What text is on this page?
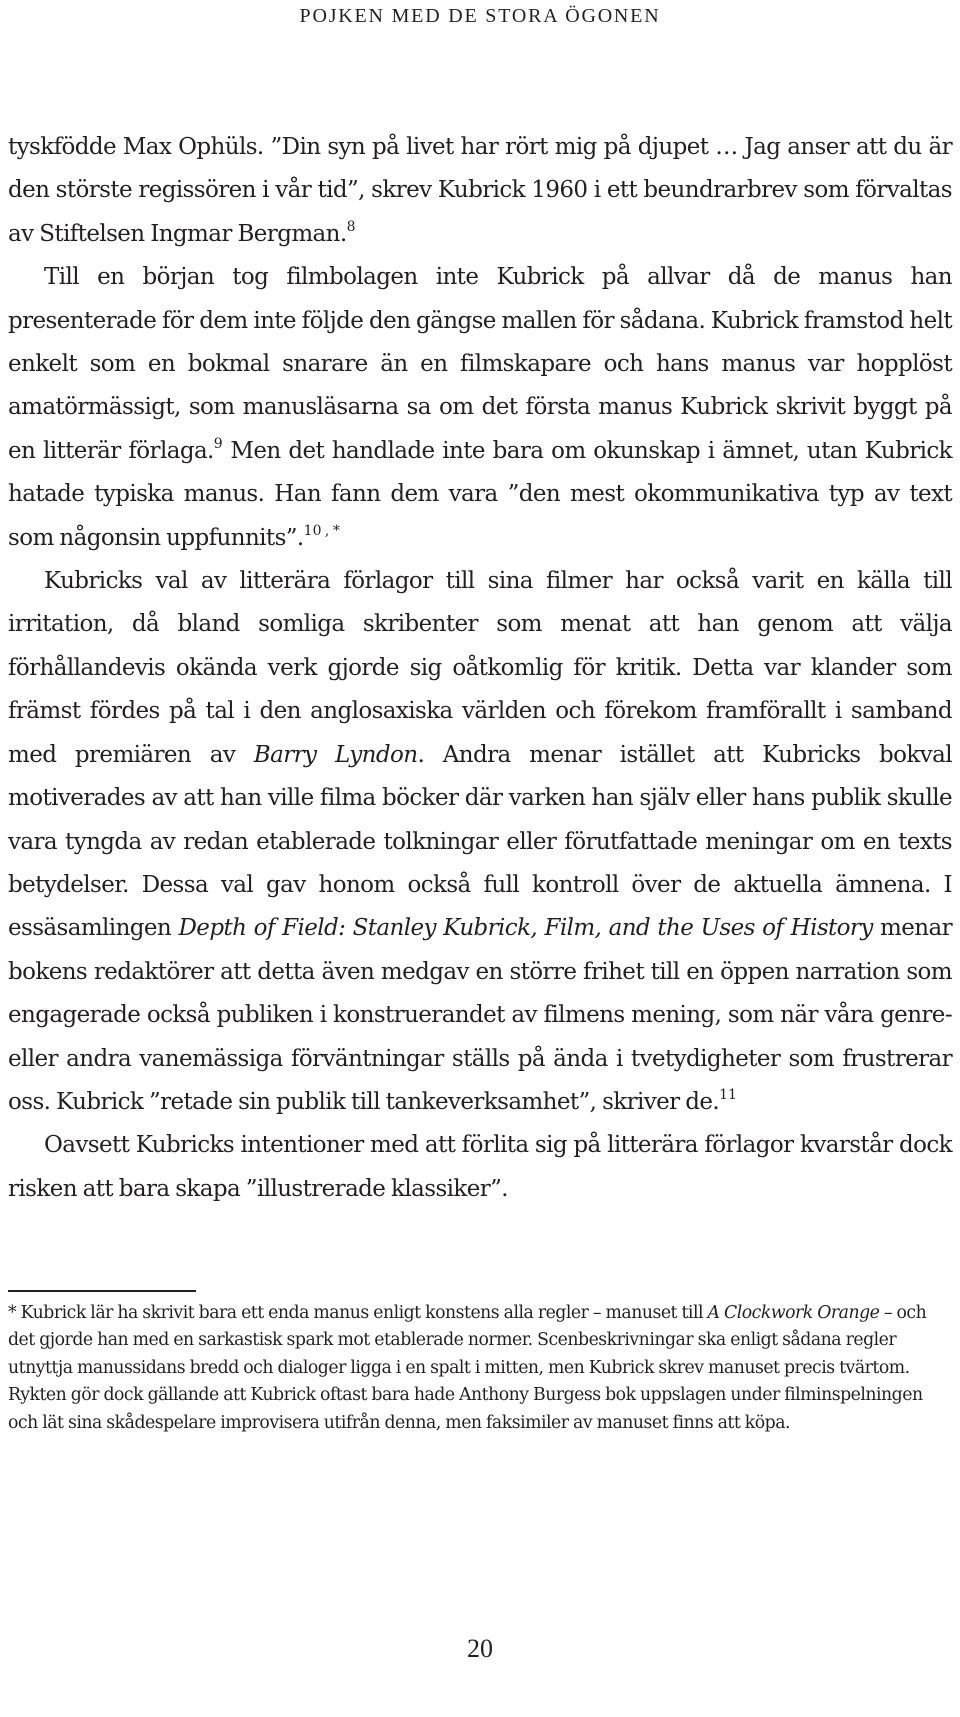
POJKEN MED DE STORA ÖGONEN

tyskfödde Max Ophüls. ”Din syn på livet har rört mig på djupet … Jag anser att du är den störste regissören i vår tid”, skrev Kubrick 1960 i ett beundrarbrev som förvaltas av Stiftelsen Ingmar Bergman.$^8$

Till en början tog filmbolagen inte Kubrick på allvar då de manus han presenterade för dem inte följde den gängse mallen för sådana. Kubrick framstod helt enkelt som en bokmal snarare än en filmskapare och hans manus var hopplöst amatörmässigt, som manusläsarna sa om det första manus Kubrick skrivit byggt på en litterär förlaga.$^9$ Men det handlade inte bara om okunskap i ämnet, utan Kubrick hatade typiska manus. Han fann dem vara ”den mest okommunikativa typ av text som någonsin uppfunnits”.$^{10 , *}$

Kubricks val av litterära förlagor till sina filmer har också varit en källa till irritation, då bland somliga skribenter som menat att han genom att välja förhållandevis okända verk gjorde sig oåtkomlig för kritik. Detta var klander som främst fördes på tal i den anglosaxiska världen och förekom framförallt i samband med premiären av Barry Lyndon. Andra menar istället att Kubricks bokval motiverades av att han ville filma böcker där varken han själv eller hans publik skulle vara tyngda av redan etablerade tolkningar eller förutfattade meningar om en texts betydelser. Dessa val gav honom också full kontroll över de aktuella ämnena. I essäsamlingen Depth of Field: Stanley Kubrick, Film, and the Uses of History menar bokens redaktörer att detta även medgav en större frihet till en öppen narration som engagerade också publiken i konstruerandet av filmens mening, som när våra genre- eller andra vanemässiga förväntningar ställs på ända i tvetydigheter som frustrerar oss. Kubrick ”retade sin publik till tankeverksamhet”, skriver de.$^{11}$

Oavsett Kubricks intentioner med att förlita sig på litterära förlagor kvarstår dock risken att bara skapa ”illustrerade klassiker”.

* Kubrick lär ha skrivit bara ett enda manus enligt konstens alla regler – manuset till A Clockwork Orange – och det gjorde han med en sarkastisk spark mot etablerade normer. Scenbeskrivningar ska enligt sådana regler utnyttja manussidans bredd och dialoger ligga i en spalt i mitten, men Kubrick skrev manuset precis tvärtom. Rykten gör dock gällande att Kubrick oftast bara hade Anthony Burgess bok uppslagen under filminspelningen och lät sina skådespelare improvisera utifrån denna, men faksimiler av manuset finns att köpa.

20
